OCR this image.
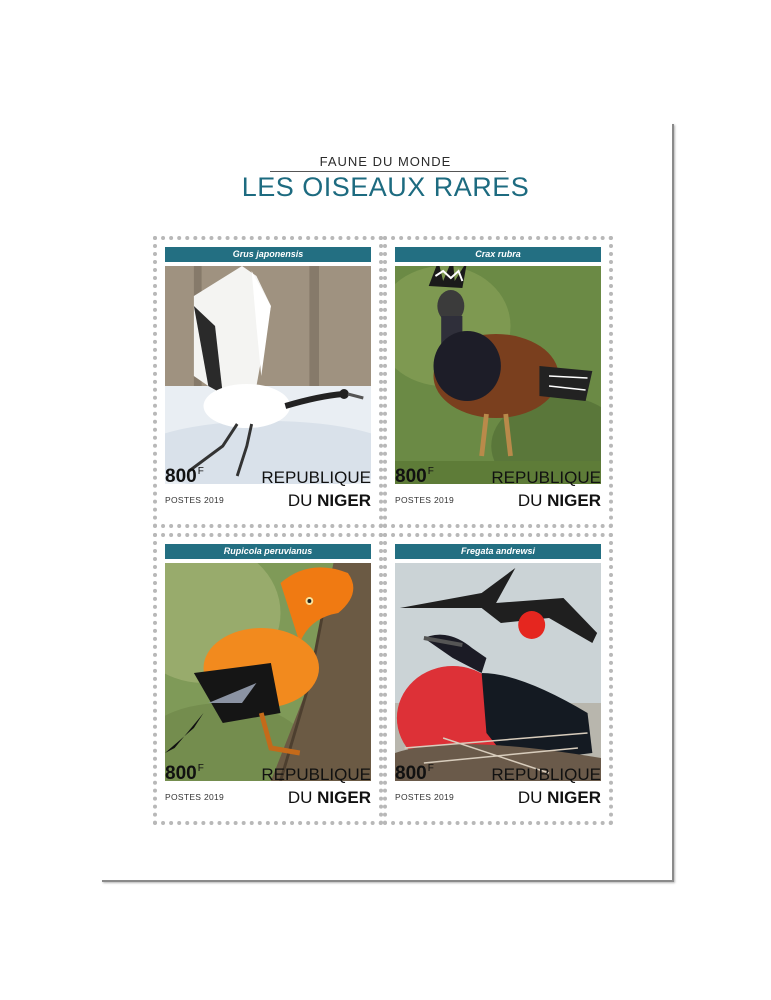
FAUNE DU MONDE
LES OISEAUX RARES
Grus japonensis
$800^F$
POSTES 2019
REPUBLIQUE
DU NIGER
Crax rubra
$800^F$
POSTES 2019
REPUBLIQUE
DU NIGER
Rupicola peruvianus
$800^F$
POSTES 2019
REPUBLIQUE
DU NIGER
Fregata andrewsi
$800^F$
POSTES 2019
REPUBLIQUE
DU NIGER
